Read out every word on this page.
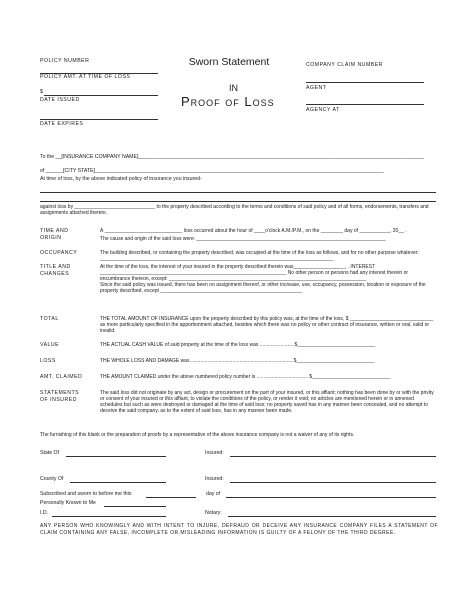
POLICY NUMBER
POLICY AMT. AT TIME OF LOSS
$
DATE ISSUED
DATE EXPIRES
Sworn Statement
IN
Proof of Loss
COMPANY CLAIM NUMBER
AGENT
AGENCY AT
To the __[INSURANCE COMPANY NAME]___________________________________________________________________________________________________
of ______[CITY STATE]____________________________________________________________________________________________________
At time of loss, by the above indicated policy of insurance you insured-
against loss by _____________________________ to the property described according to the terms and conditions of said policy and of all forms, endorsements, transfers and assignments attached thereto.
TIME AND ORIGIN
A ____________________________ loss occurred about the hour of ____o'clock A.M./P.M., on the ________ day of ___________, 20__ .
The cause and origin of the said loss were: ____________________________________________________________________
OCCUPANCY	The building described, or containing the property described, was occupied at the time of the loss as follows, and for no other purpose whatever: ____________________________________________________________________________________
TITLE AND CHANGES
At the time of the loss, the interest of your insured in the property described therein was___________________ . INTEREST ___________________________________________________________________ No other person or persons had any interest therein or encumbrance thereon, except: _______________________________________________________________________
Since the said policy was issued, there has been no assignment thereof, or other increase, use, occupancy, possession, location or exposure of the property described, except ___________________________________________________
TOTAL	THE TOTAL AMOUNT OF INSURANCE upon the property described by this policy was, at the time of the loss, $ ______________________________ as more particularly specified in the apportionment attached, besides which there was no policy or other contract of insurance, written or oral, valid or invalid.
VALUE	THE ACTUAL CASH VALUE of said property at the time of the loss was ........................ $____________________________
LOSS	THE WHOLE LOSS AND DAMAGE was ......................................................................... $____________________________
AMT. CLAIMED	THE AMOUNT CLAIMED under the above numbered policy number is ..................................... $____________________________
STATEMENTS OF INSURED
The said loss did not originate by any act, design or procurement on the part of your insured, or this affiant; nothing has been done by or with the privity or consent of your insured or this affiant, to violate the conditions of the policy, or render it void; no articles are mentioned herein or in annexed schedules but such as were destroyed or damaged at the time of said loss; no property saved has in any manner been concealed, and no attempt to deceive the said company, as to the extent of said loss, has in any manner been made.
The furnishing of this blank or the preparation of proofs by a representative of the above insurance company is not a waiver of any of its rights.
State Of	Insured:
County Of	Insured:
Subscribed and sworn to before me this	day of
Personally Known to Me
I.D.	Notary:
ANY PERSON WHO KNOWINGLY AND WITH INTENT TO INJURE, DEFRAUD OR DECEIVE ANY INSURANCE COMPANY FILES A STATEMENT OF CLAIM CONTAINING ANY FALSE, INCOMPLETE OR MISLEADING INFORMATION IS GUILTY OF A FELONY OF THE THIRD DEGREE.
